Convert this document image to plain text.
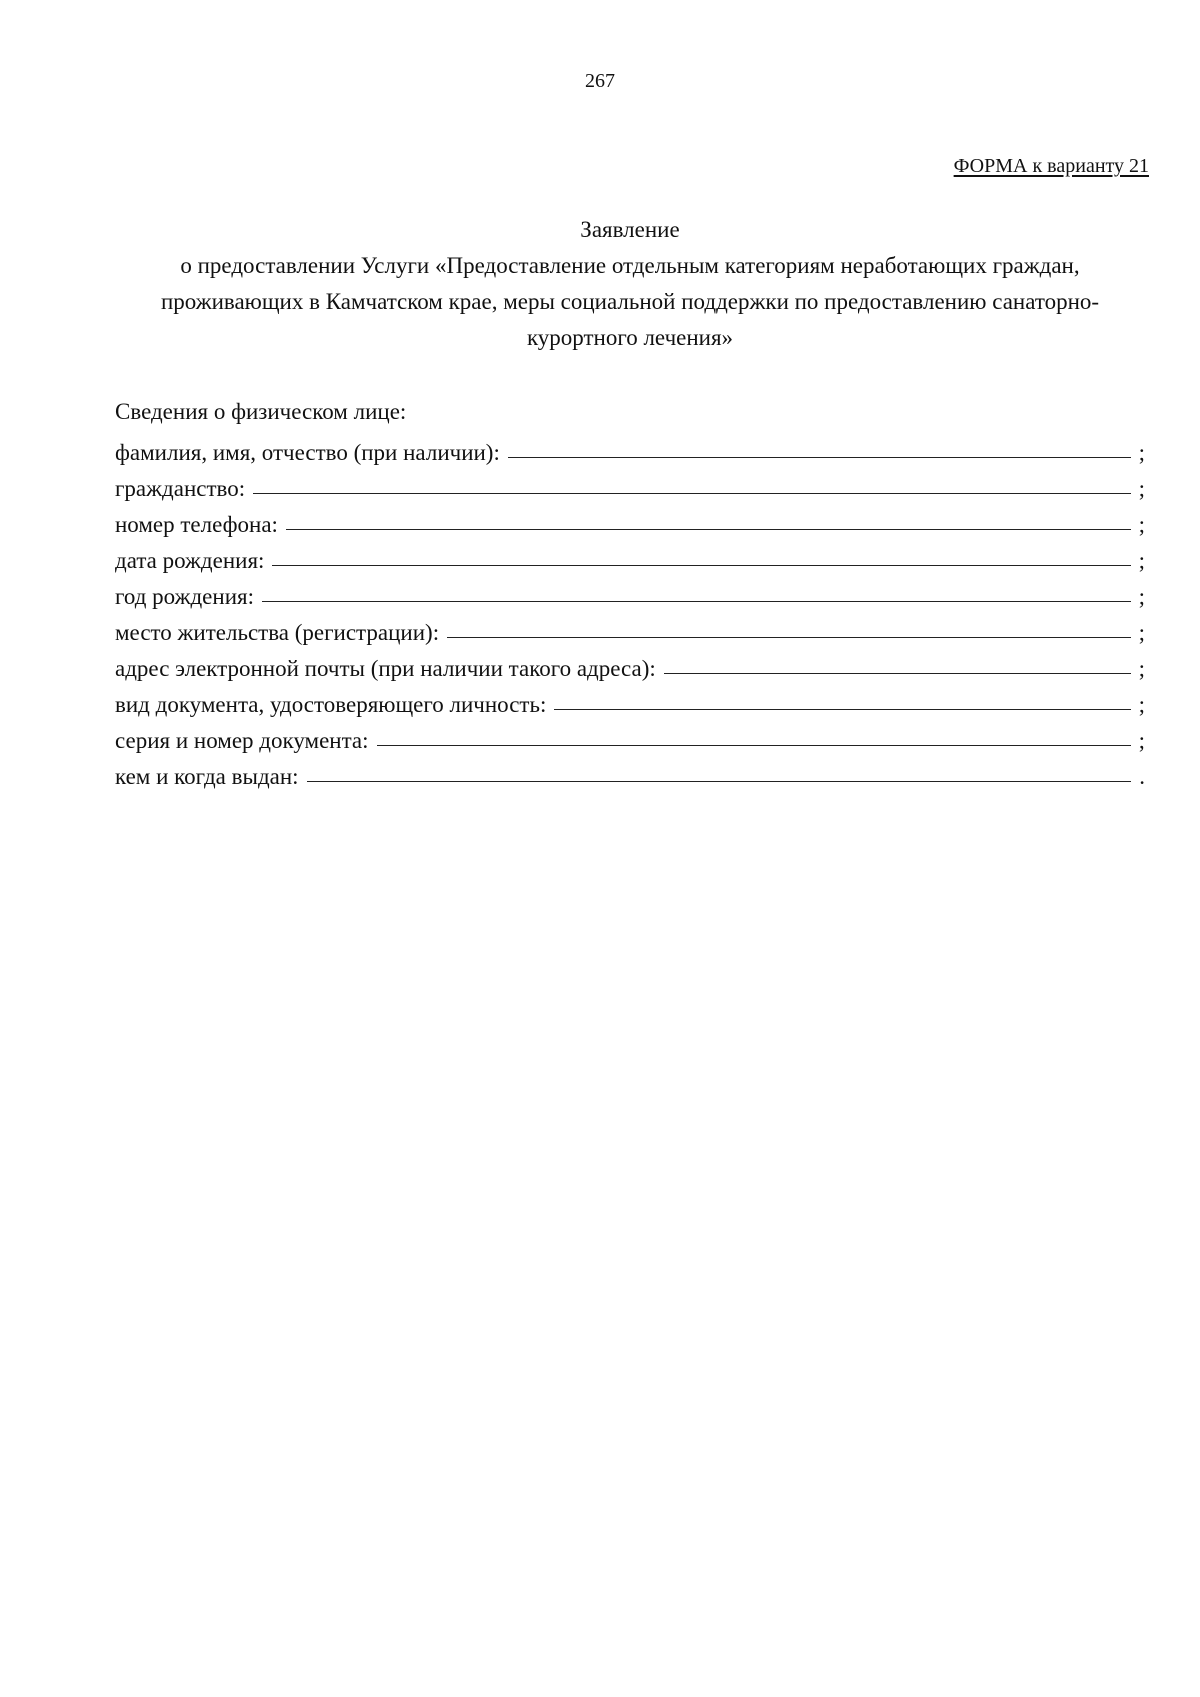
267
ФОРМА к варианту 21
Заявление
о предоставлении Услуги «Предоставление отдельным категориям неработающих граждан,
проживающих в Камчатском крае, меры социальной поддержки по предоставлению санаторно-
курортного лечения»
Сведения о физическом лице:
фамилия, имя, отчество (при наличии):	;
гражданство:	;
номер телефона:	;
дата рождения:	;
год рождения:	;
место жительства (регистрации):	;
адрес электронной почты (при наличии такого адреса):	;
вид документа, удостоверяющего личность:	;
серия и номер документа:	;
кем и когда выдан:	.
